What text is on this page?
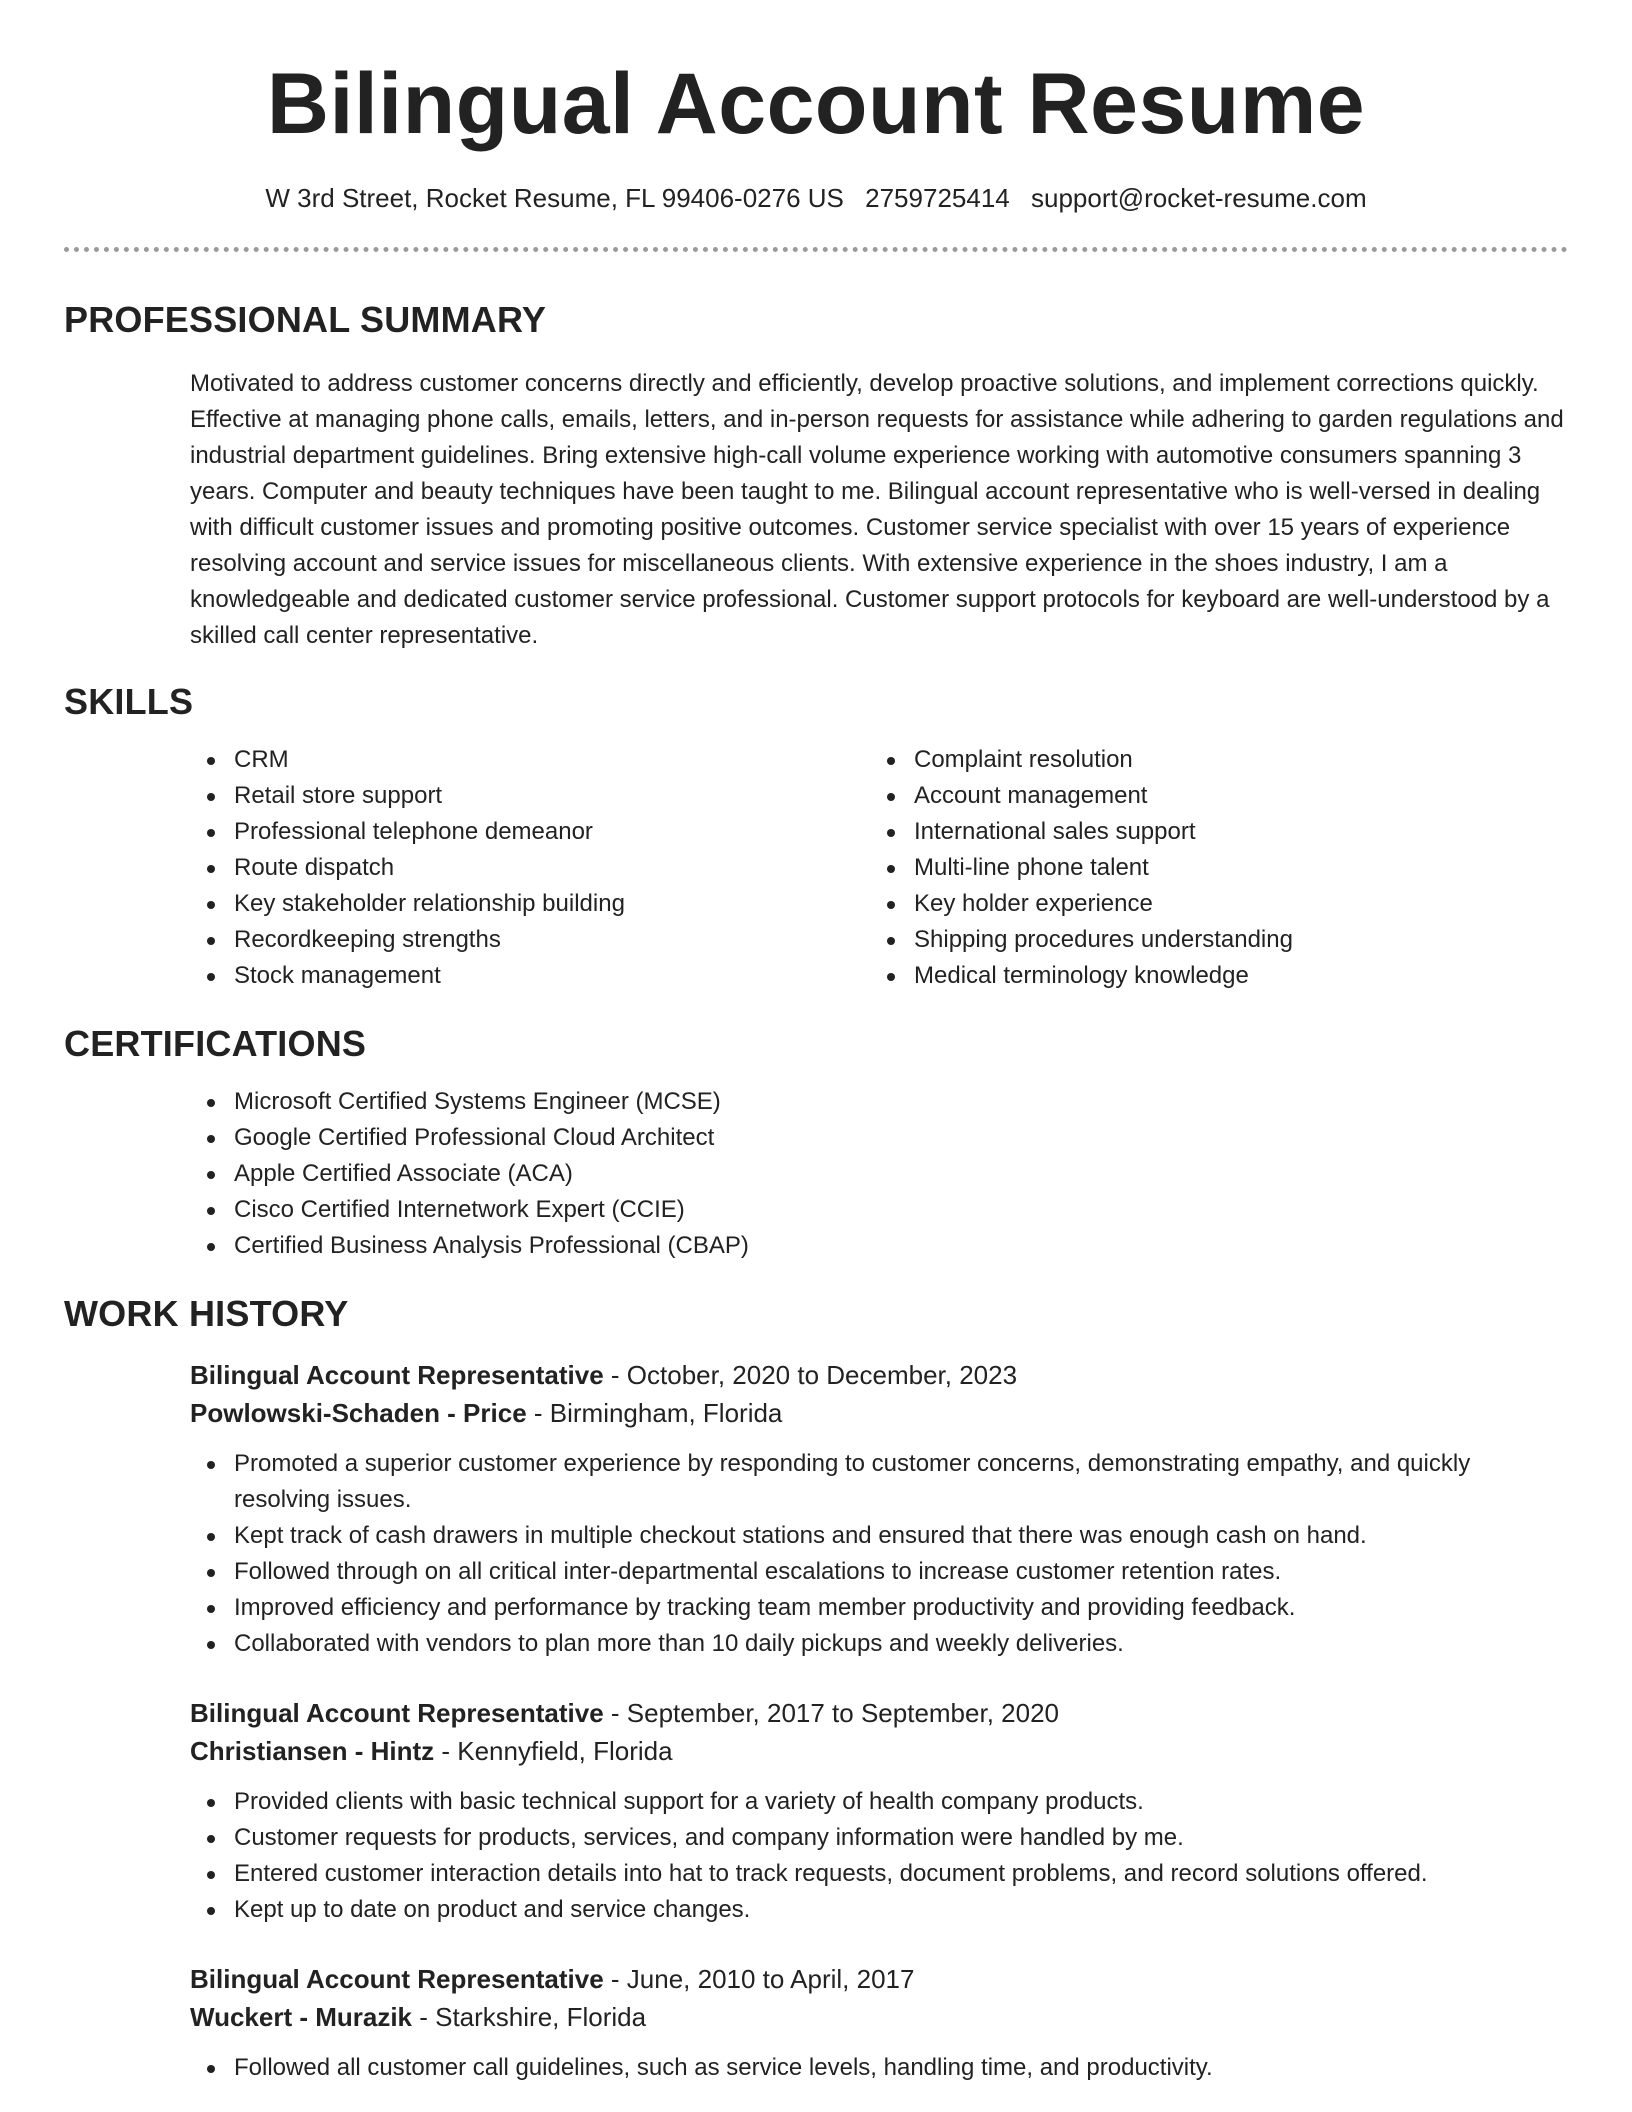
Bilingual Account Resume
W 3rd Street, Rocket Resume, FL 99406-0276 US 2759725414 support@rocket-resume.com
PROFESSIONAL SUMMARY

Motivated to address customer concerns directly and efficiently, develop proactive solutions, and implement corrections quickly. Effective at managing phone calls, emails, letters, and in-person requests for assistance while adhering to garden regulations and industrial department guidelines. Bring extensive high-call volume experience working with automotive consumers spanning 3 years. Computer and beauty techniques have been taught to me. Bilingual account representative who is well-versed in dealing with difficult customer issues and promoting positive outcomes. Customer service specialist with over 15 years of experience resolving account and service issues for miscellaneous clients. With extensive experience in the shoes industry, I am a knowledgeable and dedicated customer service professional. Customer support protocols for keyboard are well-understood by a skilled call center representative.

SKILLS
CRM
Retail store support
Professional telephone demeanor
Route dispatch
Key stakeholder relationship building
Recordkeeping strengths
Stock management
Complaint resolution
Account management
International sales support
Multi-line phone talent
Key holder experience
Shipping procedures understanding
Medical terminology knowledge
CERTIFICATIONS
Microsoft Certified Systems Engineer (MCSE)
Google Certified Professional Cloud Architect
Apple Certified Associate (ACA)
Cisco Certified Internetwork Expert (CCIE)
Certified Business Analysis Professional (CBAP)
WORK HISTORY
Bilingual Account Representative - October, 2020 to December, 2023
Powlowski-Schaden - Price - Birmingham, Florida
Promoted a superior customer experience by responding to customer concerns, demonstrating empathy, and quickly resolving issues.
Kept track of cash drawers in multiple checkout stations and ensured that there was enough cash on hand.
Followed through on all critical inter-departmental escalations to increase customer retention rates.
Improved efficiency and performance by tracking team member productivity and providing feedback.
Collaborated with vendors to plan more than 10 daily pickups and weekly deliveries.
Bilingual Account Representative - September, 2017 to September, 2020
Christiansen - Hintz - Kennyfield, Florida
Provided clients with basic technical support for a variety of health company products.
Customer requests for products, services, and company information were handled by me.
Entered customer interaction details into hat to track requests, document problems, and record solutions offered.
Kept up to date on product and service changes.
Bilingual Account Representative - June, 2010 to April, 2017
Wuckert - Murazik - Starkshire, Florida
Followed all customer call guidelines, such as service levels, handling time, and productivity.
